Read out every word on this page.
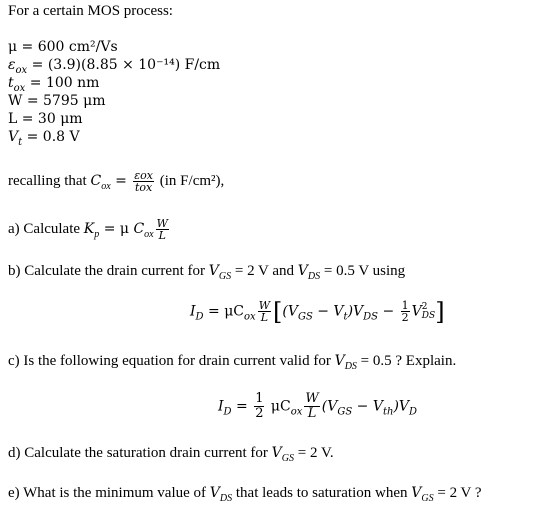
For a certain MOS process:
μ = 600 cm²/Vs
$\varepsilon_{ox} = (3.9)(8.85 \times 10^{-14})$ F/cm
$t_{ox} = 100$ nm
W = 5795 μm
L = 30 μm
$V_t = 0.8$ V
recalling that $C_{ox} = \frac{\text{εox}}{\text{tox}} (in$ F/cm²),
a) Calculate $K_p = \mu$ $C_{ox} \frac{W}{L}$
b) Calculate the drain current for $V_{GS} = 2$ V and $V_{DS} = 0.5$ V using
$I_D = \mu C_{ox} \frac{W}{L} [(V_{GS} - V_t)V_{DS} - \frac{1}{2}$ V 2
DS ]
c) Is the following equation for drain current valid for $V_{DS} = 0.5$ ? Explain.
$I_D = \frac{1}{2} \mu C_{ox} \frac{W}{L} (V_{GS} - V_{th})V_D$
d) Calculate the saturation drain current for $V_{GS} = 2$ V.
e) What is the minimum value of $V_{DS}$ that leads to saturation when $V_{GS} = 2$ V ?
